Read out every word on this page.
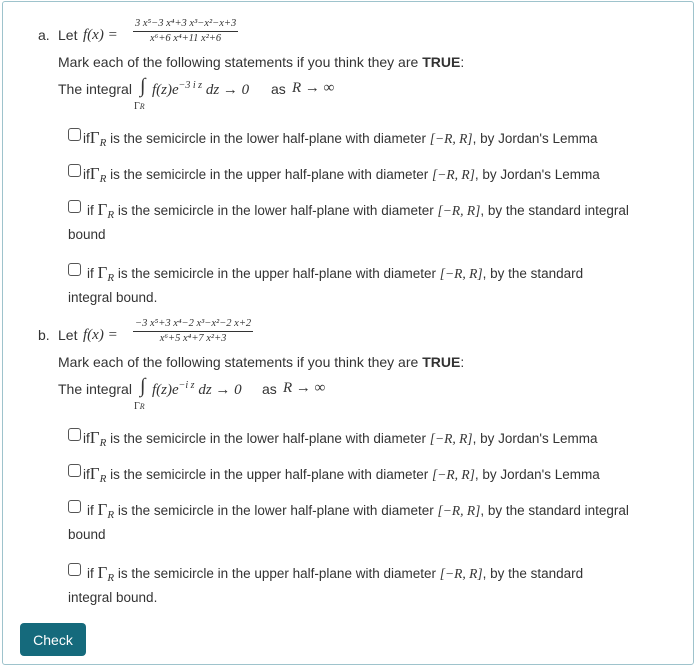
a. Let f(x) =
3 x⁵−3 x⁴+3 x³−x²−x+3
x⁶+6 x⁴+11 x²+6
Mark each of the following statements if you think they are TRUE:
The integral ∫
ΓR
$f(z)e^{-3 i z}$ dz → 0 as R → ∞
ifΓ$_R$ is the semicircle in the lower half-plane with diameter [−R, R], by Jordan's Lemma
ifΓ$_R$ is the semicircle in the upper half-plane with diameter [−R, R], by Jordan's Lemma
if $\Gamma_R$ is the semicircle in the lower half-plane with diameter [−R, R], by the standard integral
bound
if $\Gamma_R$ is the semicircle in the upper half-plane with diameter [−R, R], by the standard
integral bound.
b. Let f(x) =
−3 x⁵+3 x⁴−2 x³−x²−2 x+2
x⁶+5 x⁴+7 x²+3
Mark each of the following statements if you think they are TRUE:
The integral ∫
ΓR
$f(z)e^{-i z}$ dz → 0 as R → ∞
ifΓ$_R$ is the semicircle in the lower half-plane with diameter [−R, R], by Jordan's Lemma
ifΓ$_R$ is the semicircle in the upper half-plane with diameter [−R, R], by Jordan's Lemma
if $\Gamma_R$ is the semicircle in the lower half-plane with diameter [−R, R], by the standard integral
bound
if $\Gamma_R$ is the semicircle in the upper half-plane with diameter [−R, R], by the standard
integral bound.
Check
